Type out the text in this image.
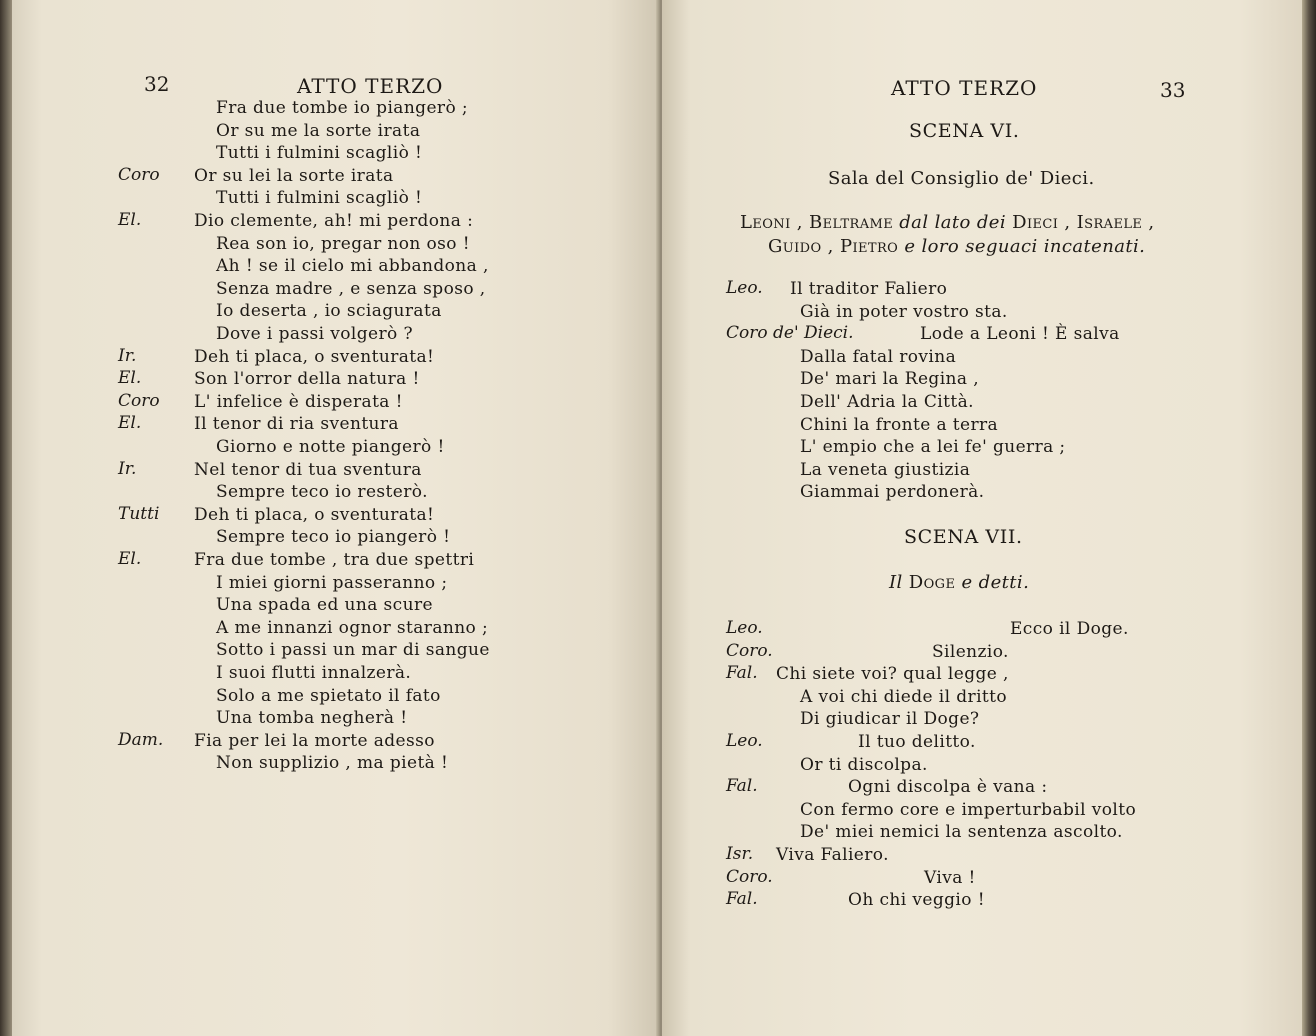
32	ATTO TERZO
Fra due tombe io piangerò ;
Or su me la sorte irata
Tutti i fulmini scagliò !
Coro Or su lei la sorte irata
Tutti i fulmini scagliò !
El.	Dio clemente, ah! mi perdona :
Rea son io, pregar non oso !
Ah ! se il cielo mi abbandona ,
Senza madre , e senza sposo ,
Io deserta , io sciagurata
Dove i passi volgerò ?
Ir.	Deh ti placa, o sventurata!
El.	Son l'orror della natura !
Coro L' infelice è disperata !
El.	Il tenor di ria sventura
Giorno e notte piangerò !
Ir.	Nel tenor di tua sventura
Sempre teco io resterò.
Tutti Deh ti placa, o sventurata!
Sempre teco io piangerò !
El.	Fra due tombe , tra due spettri
I miei giorni passeranno ;
Una spada ed una scure
A me innanzi ognor staranno ;
Sotto i passi un mar di sangue
I suoi flutti innalzerà.
Solo a me spietato il fato
Una tomba negherà !
Dam. Fia per lei la morte adesso
Non supplizio , ma pietà !
ATTO TERZO	33
SCENA VI.
Sala del Consiglio de' Dieci.
Leoni , Beltrame dal lato dei Dieci , Israele ,
Guido , Pietro e loro seguaci incatenati.
Leo. Il traditor Faliero
Già in poter vostro sta.
Coro de' Dieci.	Lode a Leoni ! È salva
Dalla fatal rovina
De' mari la Regina ,
Dell' Adria la Città.
Chini la fronte a terra
L' empio che a lei fe' guerra ;
La veneta giustizia
Giammai perdonerà.
SCENA VII.
Il Doge e detti.
Leo.	Ecco il Doge.
Coro.	Silenzio.
Fal. Chi siete voi? qual legge ,
A voi chi diede il dritto
Di giudicar il Doge?
Leo.	Il tuo delitto.
Or ti discolpa.
Fal.	Ogni discolpa è vana :
Con fermo core e imperturbabil volto
De' miei nemici la sentenza ascolto.
Isr. Viva Faliero.
Coro.	Viva !
Fal.	Oh chi veggio !
